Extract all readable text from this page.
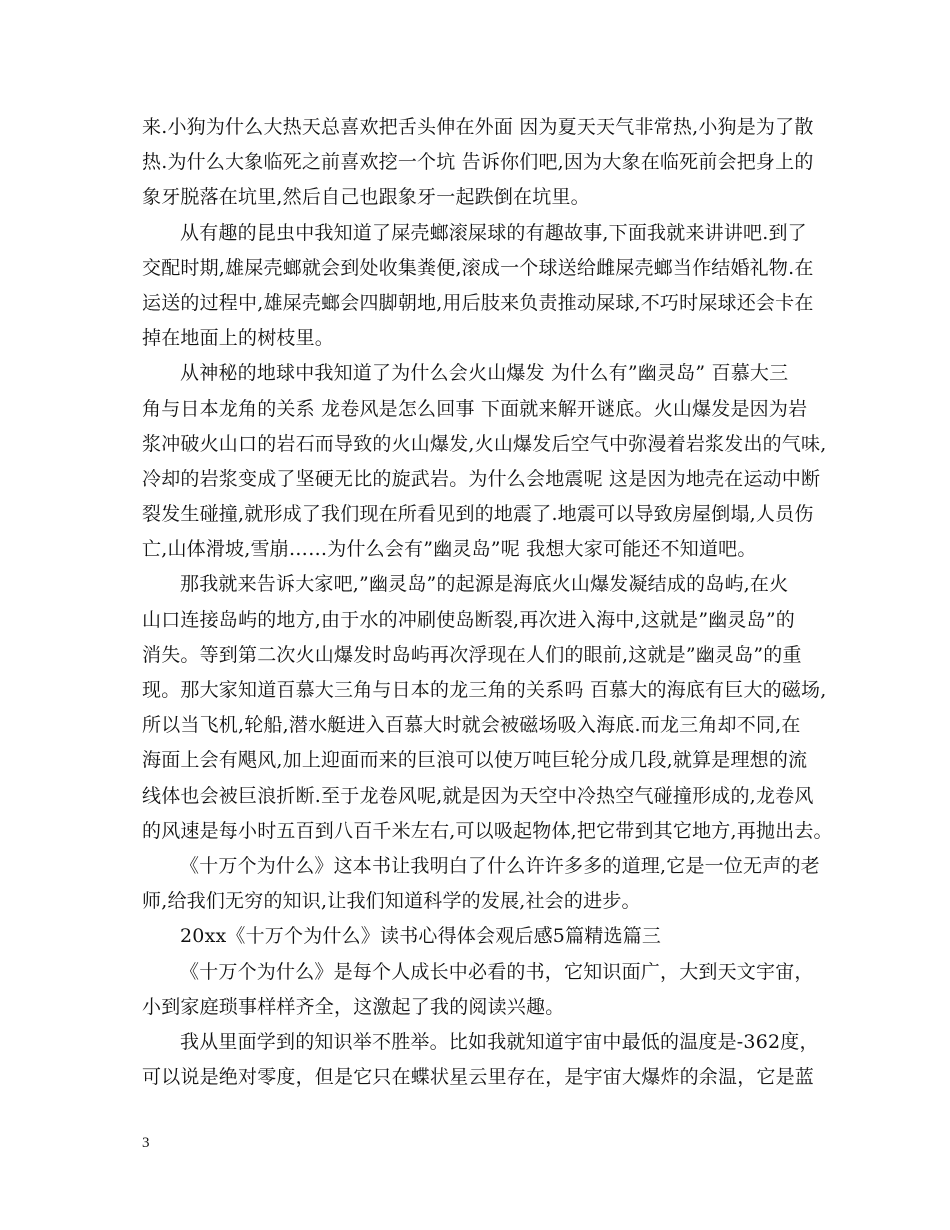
来.小狗为什么大热天总喜欢把舌头伸在外面 因为夏天天气非常热,小狗是为了散
热.为什么大象临死之前喜欢挖一个坑 告诉你们吧,因为大象在临死前会把身上的
象牙脱落在坑里,然后自己也跟象牙一起跌倒在坑里。
从有趣的昆虫中我知道了屎壳螂滚屎球的有趣故事,下面我就来讲讲吧.到了
交配时期,雄屎壳螂就会到处收集粪便,滚成一个球送给雌屎壳螂当作结婚礼物.在
运送的过程中,雄屎壳螂会四脚朝地,用后肢来负责推动屎球,不巧时屎球还会卡在
掉在地面上的树枝里。
从神秘的地球中我知道了为什么会火山爆发 为什么有”幽灵岛” 百慕大三
角与日本龙角的关系 龙卷风是怎么回事 下面就来解开谜底。火山爆发是因为岩
浆冲破火山口的岩石而导致的火山爆发,火山爆发后空气中弥漫着岩浆发出的气味,
冷却的岩浆变成了坚硬无比的旋武岩。为什么会地震呢 这是因为地壳在运动中断
裂发生碰撞,就形成了我们现在所看见到的地震了.地震可以导致房屋倒塌,人员伤
亡,山体滑坡,雪崩……为什么会有”幽灵岛”呢 我想大家可能还不知道吧。
那我就来告诉大家吧,”幽灵岛”的起源是海底火山爆发凝结成的岛屿,在火
山口连接岛屿的地方,由于水的冲刷使岛断裂,再次进入海中,这就是”幽灵岛”的
消失。等到第二次火山爆发时岛屿再次浮现在人们的眼前,这就是”幽灵岛”的重
现。那大家知道百慕大三角与日本的龙三角的关系吗 百慕大的海底有巨大的磁场,
所以当飞机,轮船,潜水艇进入百慕大时就会被磁场吸入海底.而龙三角却不同,在
海面上会有飓风,加上迎面而来的巨浪可以使万吨巨轮分成几段,就算是理想的流
线体也会被巨浪折断.至于龙卷风呢,就是因为天空中冷热空气碰撞形成的,龙卷风
的风速是每小时五百到八百千米左右,可以吸起物体,把它带到其它地方,再抛出去。
《十万个为什么》这本书让我明白了什么许许多多的道理,它是一位无声的老
师,给我们无穷的知识,让我们知道科学的发展,社会的进步。
20xx《十万个为什么》读书心得体会观后感5篇精选篇三
《十万个为什么》是每个人成长中必看的书，它知识面广，大到天文宇宙，
小到家庭琐事样样齐全，这激起了我的阅读兴趣。
我从里面学到的知识举不胜举。比如我就知道宇宙中最低的温度是-362度，
可以说是绝对零度，但是它只在蝶状星云里存在，是宇宙大爆炸的余温，它是蓝
3
